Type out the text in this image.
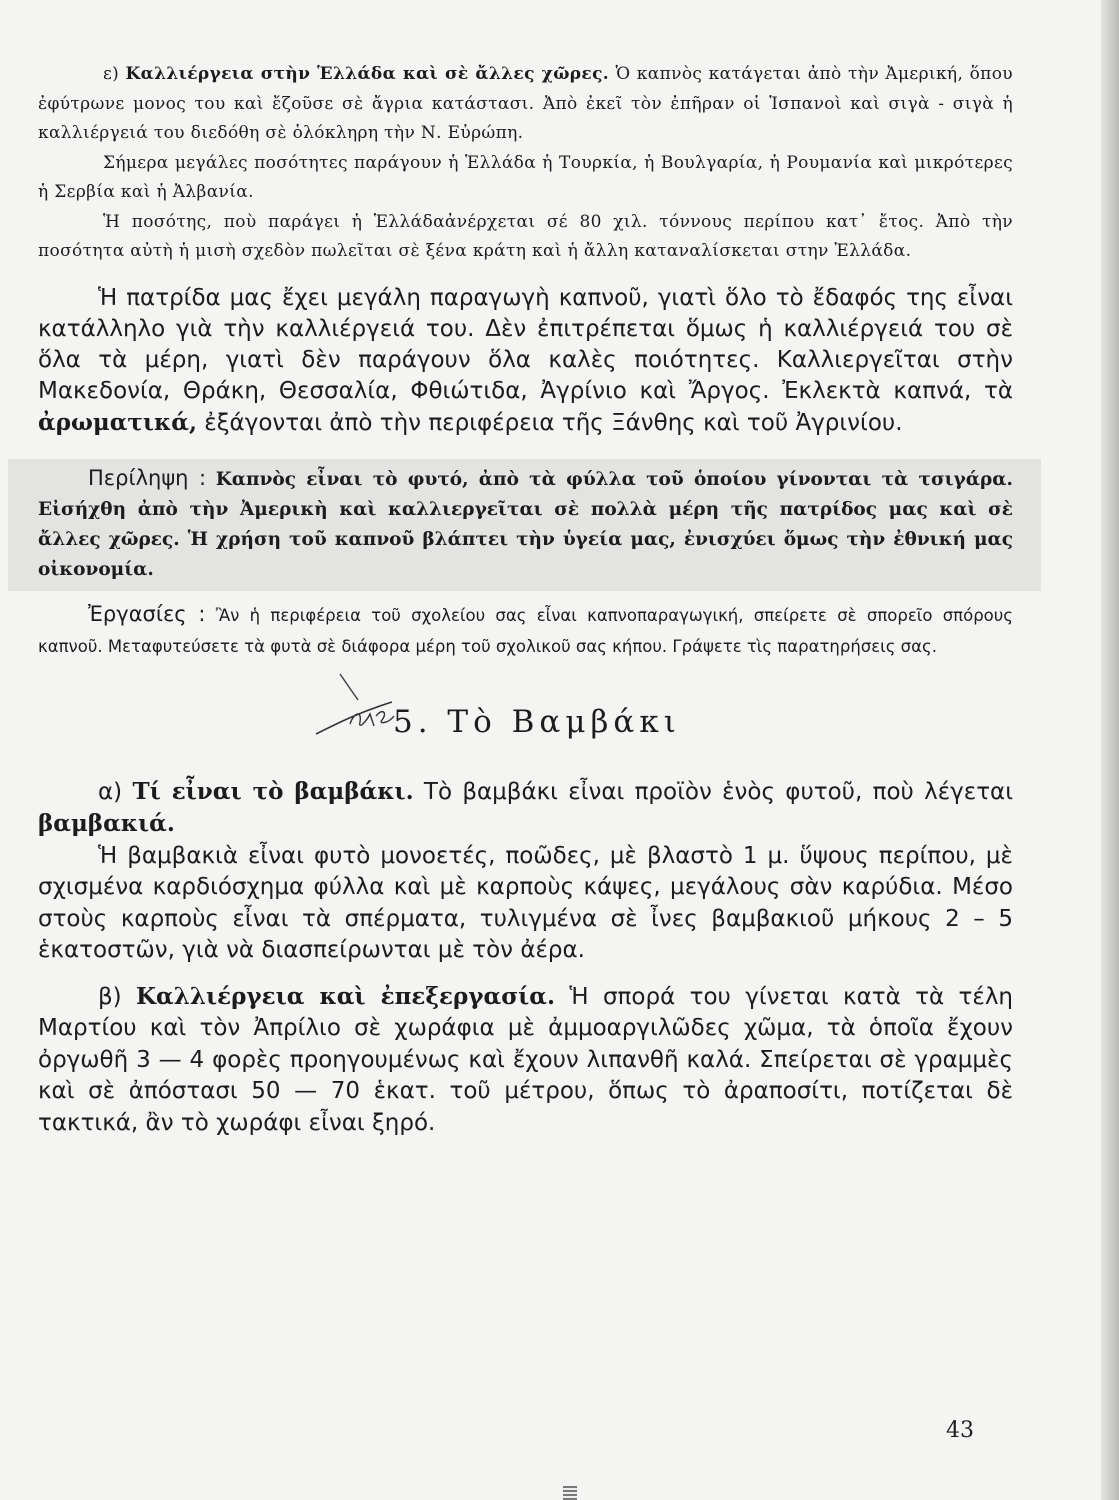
ε) Καλλιέργεια στὴν Ἑλλάδα καὶ σὲ ἄλλες χῶρες. Ὁ καπνὸς κατάγεται ἀπὸ τὴν Ἀμερική, ὅπου ἐφύτρωνε μονος του καὶ ἔζοῦσε σὲ ἄγρια κατάστασι. Ἀπὸ ἐκεῖ τὸν ἐπῆραν οἱ Ἱσπανοὶ καὶ σιγὰ - σιγὰ ἡ καλλιέργειά του διεδόθη σὲ ὁλόκληρη τὴν Ν. Εὐρώπη.

Σήμερα μεγάλες ποσότητες παράγουν ἡ Ἑλλάδα ἡ Τουρκία, ἡ Βουλγαρία, ἡ Ρουμανία καὶ μικρότερες ἡ Σερβία καὶ ἡ Ἀλβανία.

Ἡ ποσότης, ποὺ παράγει ἡ Ἑλλάδαἀνέρχεται σέ 80 χιλ. τόννους περίπου κατ᾿ ἔτος. Ἀπὸ τὴν ποσότητα αὐτὴ ἡ μισὴ σχεδὸν πωλεῖται σὲ ξένα κράτη καὶ ἡ ἄλλη καταναλίσκεται στην Ἑλλάδα.

Ἡ πατρίδα μας ἔχει μεγάλη παραγωγὴ καπνοῦ, γιατὶ ὅλο τὸ ἔδαφός της εἶναι κατάλληλο γιὰ τὴν καλλιέργειά του. Δὲν ἐπιτρέπεται ὅμως ἡ καλλιέργειά του σὲ ὅλα τὰ μέρη, γιατὶ δὲν παράγουν ὅλα καλὲς ποιότητες. Καλλιεργεῖται στὴν Μακεδονία, Θράκη, Θεσσαλία, Φθιώτιδα, Ἀγρίνιο καὶ Ἄργος. Ἐκλεκτὰ καπνά, τὰ ἀρωματικά, ἐξάγονται ἀπὸ τὴν περιφέρεια τῆς Ξάνθης καὶ τοῦ Ἀγρινίου.

Περίληψη : Καπνὸς εἶναι τὸ φυτό, ἀπὸ τὰ φύλλα τοῦ ὁποίου γίνονται τὰ τσιγάρα. Εἰσήχθη ἀπὸ τὴν Ἀμερικὴ καὶ καλλιεργεῖται σὲ πολλὰ μέρη τῆς πατρίδος μας καὶ σὲ ἄλλες χῶρες. Ἡ χρήση τοῦ καπνοῦ βλάπτει τὴν ὑγεία μας, ἐνισχύει ὅμως τὴν ἐθνική μας οἰκονομία.

Ἐργασίες : Ἂν ἡ περιφέρεια τοῦ σχολείου σας εἶναι καπνοπαραγωγική, σπείρετε σὲ σπορεῖο σπόρους καπνοῦ. Μεταφυτεύσετε τὰ φυτὰ σὲ διάφορα μέρη τοῦ σχολικοῦ σας κήπου. Γράψετε τὶς παρατηρήσεις σας.

5. Τὸ Βαμβάκι

α) Τί εἶναι τὸ βαμβάκι. Τὸ βαμβάκι εἶναι προϊὸν ἑνὸς φυτοῦ, ποὺ λέγεται βαμβακιά.

Ἡ βαμβακιὰ εἶναι φυτὸ μονοετές, ποῶδες, μὲ βλαστὸ 1 μ. ὕψους περίπου, μὲ σχισμένα καρδιόσχημα φύλλα καὶ μὲ καρποὺς κάψες, μεγάλους σὰν καρύδια. Μέσο στοὺς καρποὺς εἶναι τὰ σπέρματα, τυλιγμένα σὲ ἶνες βαμβακιοῦ μήκους 2 – 5 ἑκατοστῶν, γιὰ νὰ διασπείρωνται μὲ τὸν ἀέρα.

β) Καλλιέργεια καὶ ἐπεξεργασία. Ἡ σπορά του γίνεται κατὰ τὰ τέλη Μαρτίου καὶ τὸν Ἀπρίλιο σὲ χωράφια μὲ ἀμμοαργιλῶδες χῶμα, τὰ ὁποῖα ἔχουν ὀργωθῆ 3 — 4 φορὲς προηγουμένως καὶ ἔχουν λιπανθῆ καλά. Σπείρεται σὲ γραμμὲς καὶ σὲ ἀπόστασι 50 — 70 ἑκατ. τοῦ μέτρου, ὅπως τὸ ἀραποσίτι, ποτίζεται δὲ τακτικά, ἂν τὸ χωράφι εἶναι ξηρό.

43
